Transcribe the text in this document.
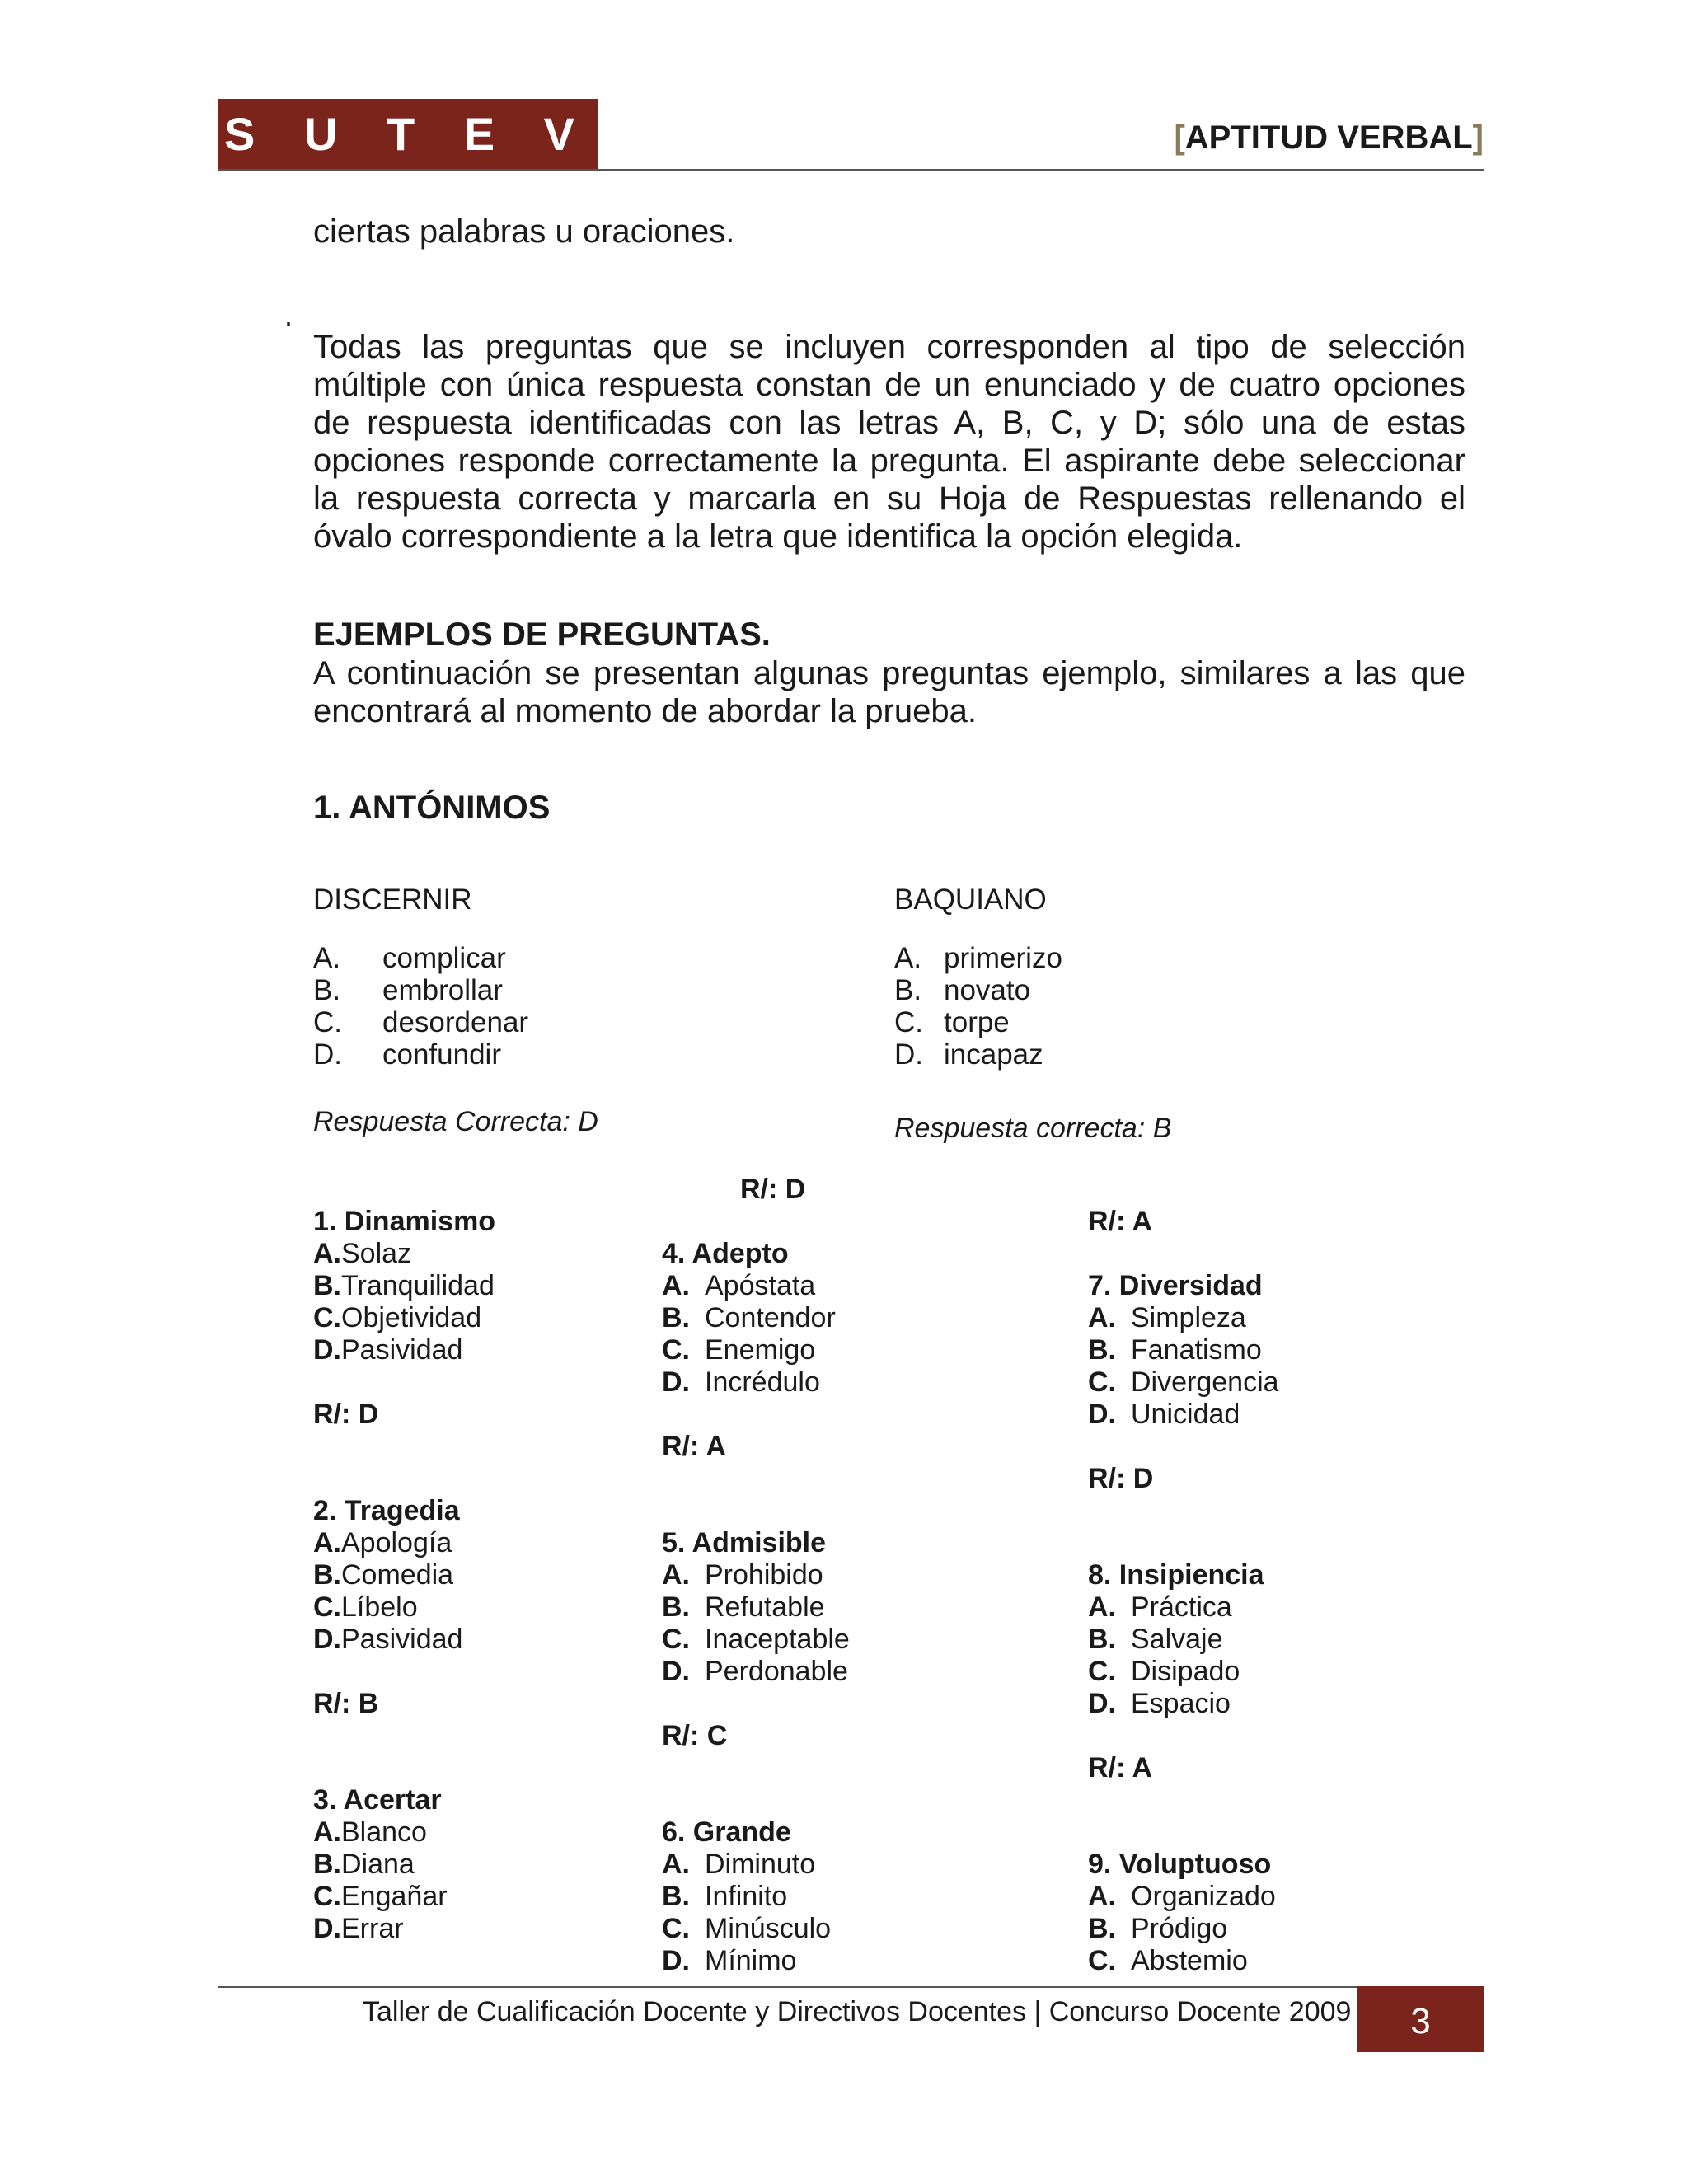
S U T E V	[APTITUD VERBAL]
ciertas palabras u oraciones.
.
Todas las preguntas que se incluyen corresponden al tipo de selección múltiple con única respuesta constan de un enunciado y de cuatro opciones de respuesta identificadas con las letras A, B, C, y D; sólo una de estas opciones responde correctamente la pregunta. El aspirante debe seleccionar la respuesta correcta y marcarla en su Hoja de Respuestas rellenando el óvalo correspondiente a la letra que identifica la opción elegida.
EJEMPLOS DE PREGUNTAS.
A continuación se presentan algunas preguntas ejemplo, similares a las que encontrará al momento de abordar la prueba.
1. ANTÓNIMOS
DISCERNIR
A. complicar
B. embrollar
C. desordenar
D. confundir
Respuesta Correcta: D
BAQUIANO
A. primerizo
B. novato
C. torpe
D. incapaz
Respuesta correcta: B
1. Dinamismo
A.Solaz
B.Tranquilidad
C.Objetividad
D.Pasividad
R/: D
2. Tragedia
A.Apología
B.Comedia
C.Líbelo
D.Pasividad
R/: B
3. Acertar
A.Blanco
B.Diana
C.Engañar
D.Errar
R/: D
4. Adepto
A. Apóstata
B. Contendor
C. Enemigo
D. Incrédulo
R/: A
5. Admisible
A. Prohibido
B. Refutable
C. Inaceptable
D. Perdonable
R/: C
6. Grande
A. Diminuto
B. Infinito
C. Minúsculo
D. Mínimo
R/: A
7. Diversidad
A. Simpleza
B. Fanatismo
C. Divergencia
D. Unicidad
R/: D
8. Insipiencia
A. Práctica
B. Salvaje
C. Disipado
D. Espacio
R/: A
9. Voluptuoso
A. Organizado
B. Pródigo
C. Abstemio
Taller de Cualificación Docente y Directivos Docentes | Concurso Docente 2009	3
